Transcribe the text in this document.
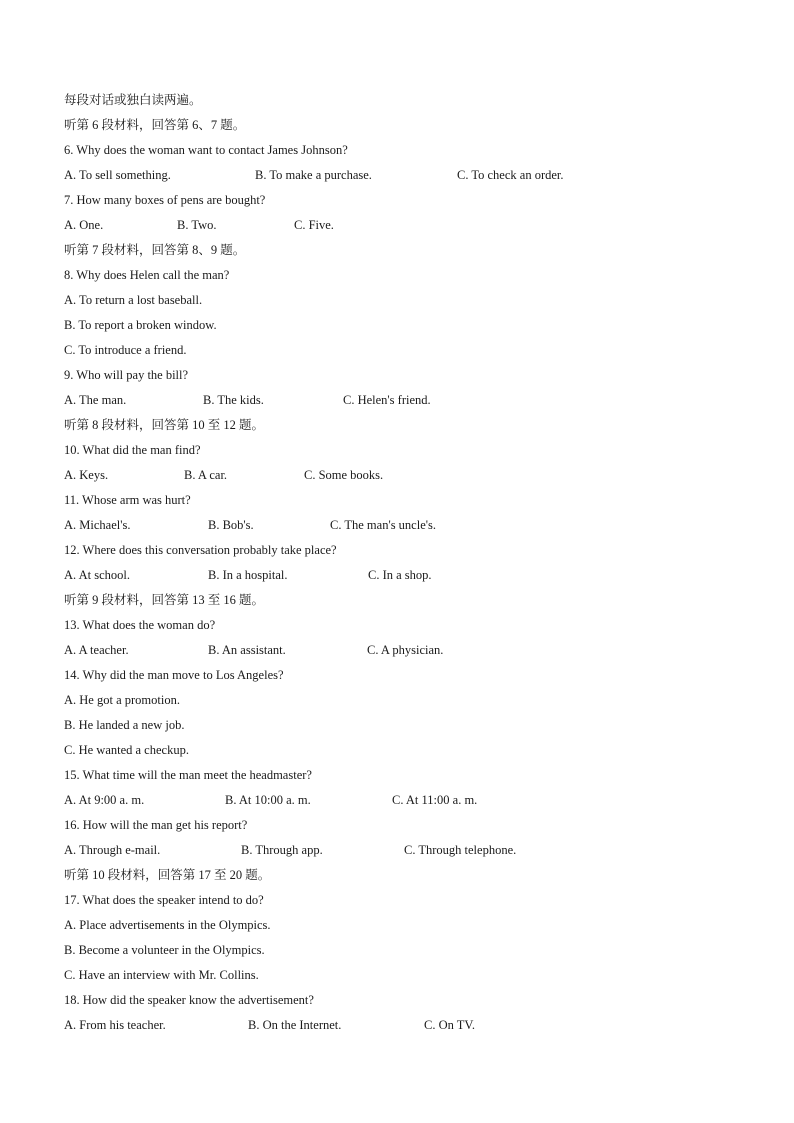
每段对话或独白读两遍。
听第 6 段材料，回答第 6、7 题。
6. Why does the woman want to contact James Johnson?
A. To sell something.	B. To make a purchase.	C. To check an order.
7. How many boxes of pens are bought?
A. One.	B. Two.	C. Five.
听第 7 段材料，回答第 8、9 题。
8. Why does Helen call the man?
A. To return a lost baseball.
B. To report a broken window.
C. To introduce a friend.
9. Who will pay the bill?
A. The man.	B. The kids.	C. Helen's friend.
听第 8 段材料，回答第 10 至 12 题。
10. What did the man find?
A. Keys.	B. A car.	C. Some books.
11. Whose arm was hurt?
A. Michael's.	B. Bob's.	C. The man's uncle's.
12. Where does this conversation probably take place?
A. At school.	B. In a hospital.	C. In a shop.
听第 9 段材料，回答第 13 至 16 题。
13. What does the woman do?
A. A teacher.	B. An assistant.	C. A physician.
14. Why did the man move to Los Angeles?
A. He got a promotion.
B. He landed a new job.
C. He wanted a checkup.
15. What time will the man meet the headmaster?
A. At 9:00 a. m.	B. At 10:00 a. m.	C. At 11:00 a. m.
16. How will the man get his report?
A. Through e-mail.	B. Through app.	C. Through telephone.
听第 10 段材料，回答第 17 至 20 题。
17. What does the speaker intend to do?
A. Place advertisements in the Olympics.
B. Become a volunteer in the Olympics.
C. Have an interview with Mr. Collins.
18. How did the speaker know the advertisement?
A. From his teacher.	B. On the Internet.	C. On TV.
